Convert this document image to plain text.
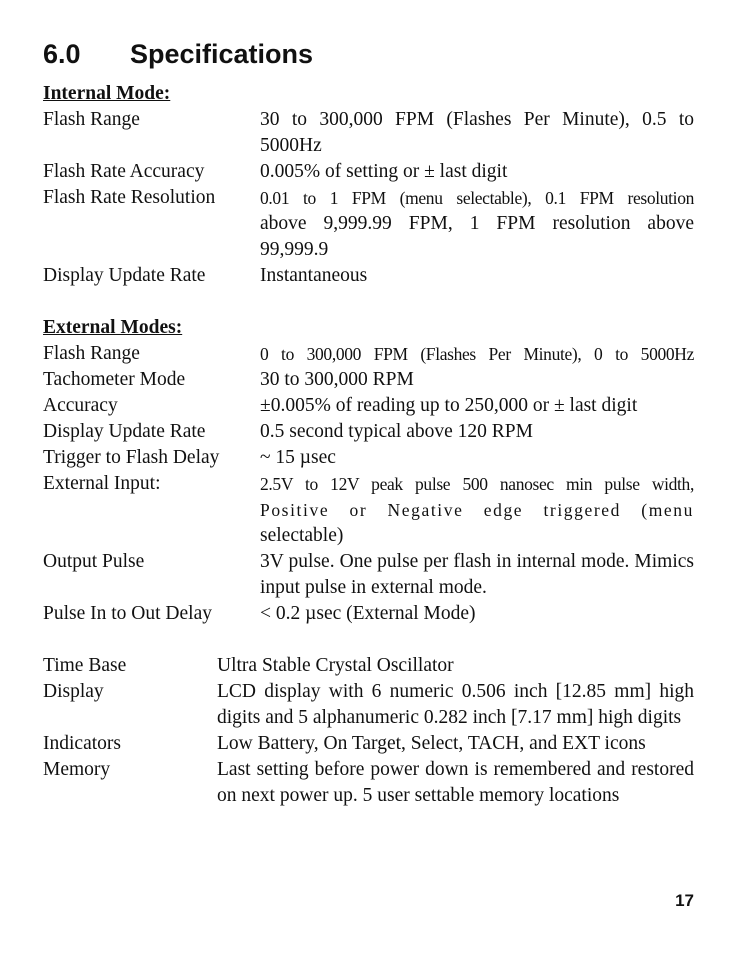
6.0 Specifications
Internal Mode:
Flash Range	30 to 300,000 FPM (Flashes Per Minute), 0.5 to 5000Hz
Flash Rate Accuracy	0.005% of setting or ± last digit
Flash Rate Resolution	0.01 to 1 FPM (menu selectable), 0.1 FPM resolution
above 9,999.99 FPM, 1 FPM resolution above 99,999.9
Display Update Rate	Instantaneous
External Modes:
Flash Range	0 to 300,000 FPM (Flashes Per Minute), 0 to 5000Hz
Tachometer Mode	30 to 300,000 RPM
Accuracy	±0.005% of reading up to 250,000 or ± last digit
Display Update Rate	0.5 second typical above 120 RPM
Trigger to Flash Delay	~ 15 µsec
External Input:	2.5V to 12V peak pulse 500 nanosec min pulse width,
Positive or Negative edge triggered (menu
selectable)
Output Pulse	3V pulse. One pulse per flash in internal mode. Mimics input pulse in external mode.
Pulse In to Out Delay	< 0.2 µsec (External Mode)
Time Base	Ultra Stable Crystal Oscillator
Display	LCD display with 6 numeric 0.506 inch [12.85 mm] high digits and 5 alphanumeric 0.282 inch [7.17 mm] high digits
Indicators	Low Battery, On Target, Select, TACH, and EXT icons
Memory	Last setting before power down is remembered and restored on next power up. 5 user settable memory locations
17
